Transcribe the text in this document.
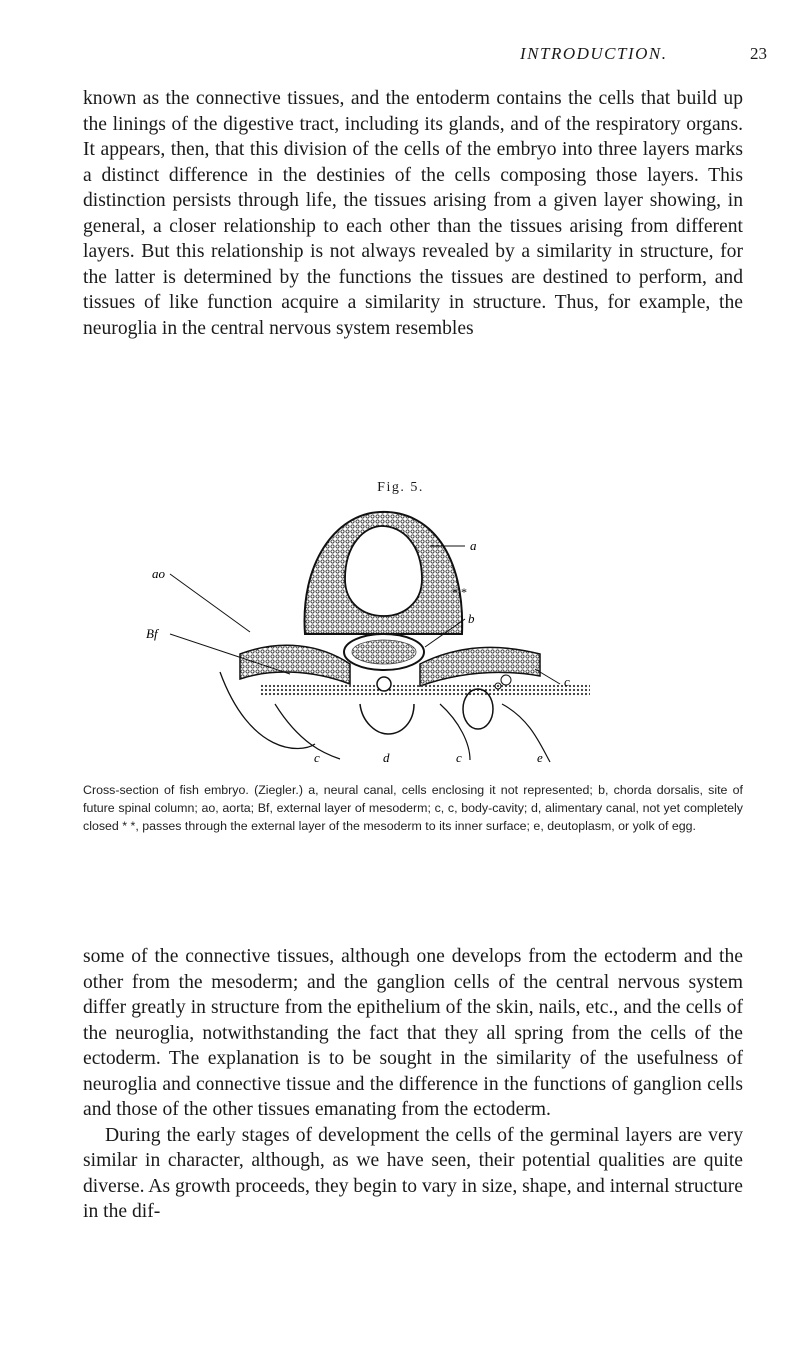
INTRODUCTION.	23

known as the connective tissues, and the entoderm contains the cells that build up the linings of the digestive tract, including its glands, and of the respiratory organs. It appears, then, that this division of the cells of the embryo into three layers marks a distinct difference in the destinies of the cells composing those layers. This distinction persists through life, the tissues arising from a given layer showing, in general, a closer relationship to each other than the tissues arising from different layers. But this relationship is not always revealed by a similarity in structure, for the latter is determined by the functions the tissues are destined to perform, and tissues of like function acquire a similarity in structure. Thus, for example, the neuroglia in the central nervous system resembles

Fig. 5.
ao
Bf
a
b
* *
c
c	d	c	e
Cross-section of fish embryo. (Ziegler.) a, neural canal, cells enclosing it not represented; b, chorda dorsalis, site of future spinal column; ao, aorta; Bf, external layer of mesoderm; c, c, body-cavity; d, alimentary canal, not yet completely closed * *, passes through the external layer of the mesoderm to its inner surface; e, deutoplasm, or yolk of egg.

some of the connective tissues, although one develops from the ectoderm and the other from the mesoderm; and the ganglion cells of the central nervous system differ greatly in structure from the epithelium of the skin, nails, etc., and the cells of the neuroglia, notwithstanding the fact that they all spring from the cells of the ectoderm. The explanation is to be sought in the similarity of the usefulness of neuroglia and connective tissue and the difference in the functions of ganglion cells and those of the other tissues emanating from the ectoderm.

During the early stages of development the cells of the germinal layers are very similar in character, although, as we have seen, their potential qualities are quite diverse. As growth proceeds, they begin to vary in size, shape, and internal structure in the dif-
